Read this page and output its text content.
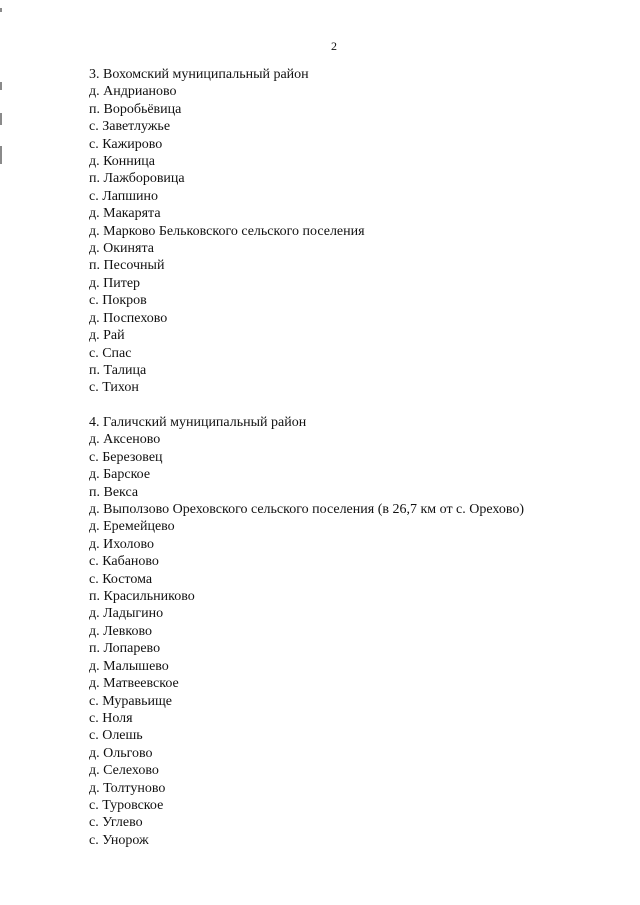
2
3. Вохомский муниципальный район
д. Андрианово
п. Воробьёвица
с. Заветлужье
с. Кажирово
д. Конница
п. Лажборовица
с. Лапшино
д. Макарята
д. Марково Бельковского сельского поселения
д. Окинята
п. Песочный
д. Питер
с. Покров
д. Поспехово
д. Рай
с. Спас
п. Талица
с. Тихон
4. Галичский муниципальный район
д. Аксеново
с. Березовец
д. Барское
п. Векса
д. Выползово Ореховского сельского поселения (в 26,7 км от с. Орехово)
д. Еремейцево
д. Ихолово
с. Кабаново
с. Костома
п. Красильниково
д. Ладыгино
д. Левково
п. Лопарево
д. Малышево
д. Матвеевское
с. Муравьище
с. Ноля
с. Олешь
д. Ольгово
д. Селехово
д. Толтуново
с. Туровское
с. Углево
с. Унорож
